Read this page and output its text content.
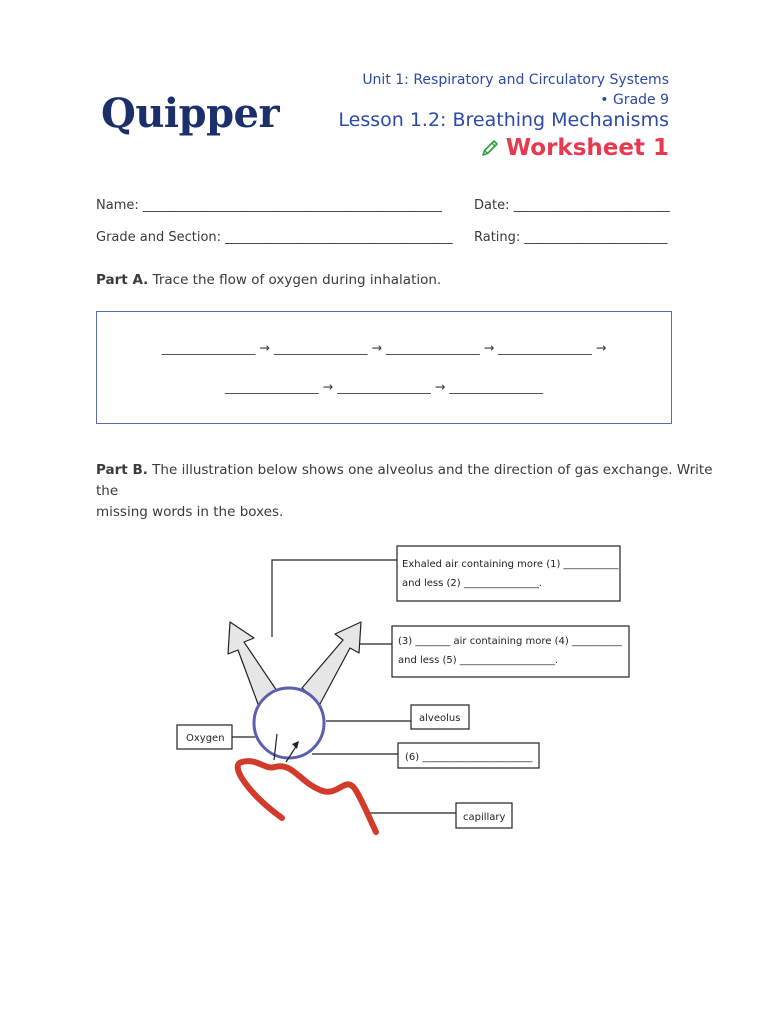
Quipper
Unit 1: Respiratory and Circulatory Systems
• Grade 9
Lesson 1.2: Breathing Mechanisms
Worksheet 1
Name: ______________________________________________ Date: ________________________
Grade and Section: ___________________________________ Rating: ______________________
Part A. Trace the flow of oxygen during inhalation.
_______________ → _______________ → _______________ → _______________ →
_______________ → _______________ → _______________
Part B. The illustration below shows one alveolus and the direction of gas exchange. Write the
missing words in the boxes.
Exhaled air containing more (1) ___________
and less (2) _______________.
(3) _______ air containing more (4) __________
and less (5) ___________________.
alveolus
Oxygen
(6) ______________________
capillary
